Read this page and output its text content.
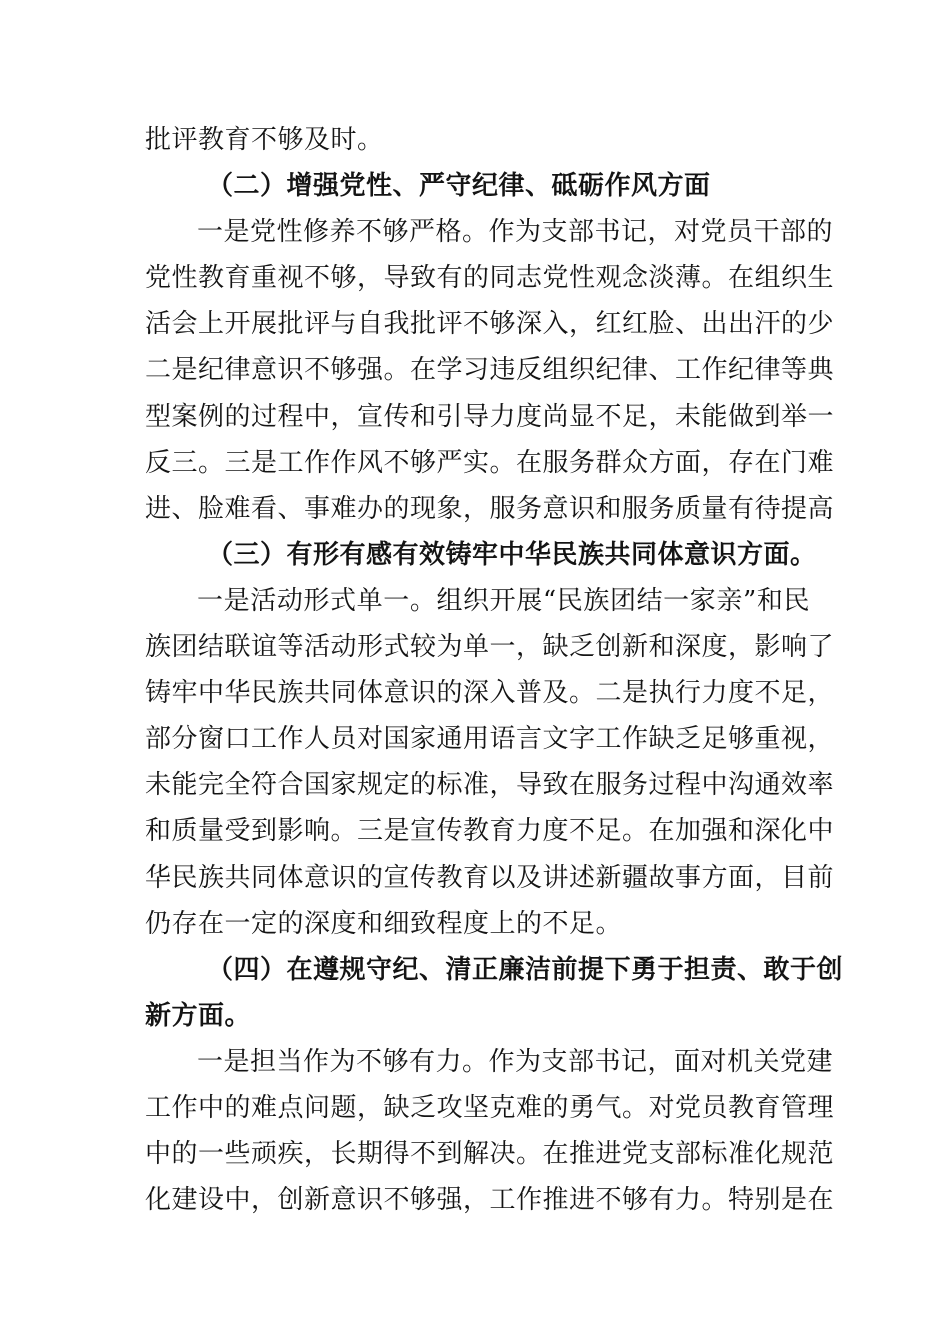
批评教育不够及时。
（二）增强党性、严守纪律、砥砺作风方面
一是党性修养不够严格。作为支部书记，对党员干部的
党性教育重视不够，导致有的同志党性观念淡薄。在组织生
活会上开展批评与自我批评不够深入，红红脸、出出汗的少
二是纪律意识不够强。在学习违反组织纪律、工作纪律等典
型案例的过程中，宣传和引导力度尚显不足，未能做到举一
反三。三是工作作风不够严实。在服务群众方面，存在门难
进、脸难看、事难办的现象，服务意识和服务质量有待提高
（三）有形有感有效铸牢中华民族共同体意识方面。
一是活动形式单一。组织开展“民族团结一家亲”和民
族团结联谊等活动形式较为单一，缺乏创新和深度，影响了
铸牢中华民族共同体意识的深入普及。二是执行力度不足，
部分窗口工作人员对国家通用语言文字工作缺乏足够重视，
未能完全符合国家规定的标准，导致在服务过程中沟通效率
和质量受到影响。三是宣传教育力度不足。在加强和深化中
华民族共同体意识的宣传教育以及讲述新疆故事方面，目前
仍存在一定的深度和细致程度上的不足。
（四）在遵规守纪、清正廉洁前提下勇于担责、敢于创
新方面。
一是担当作为不够有力。作为支部书记，面对机关党建
工作中的难点问题，缺乏攻坚克难的勇气。对党员教育管理
中的一些顽疾，长期得不到解决。在推进党支部标准化规范
化建设中，创新意识不够强，工作推进不够有力。特别是在
